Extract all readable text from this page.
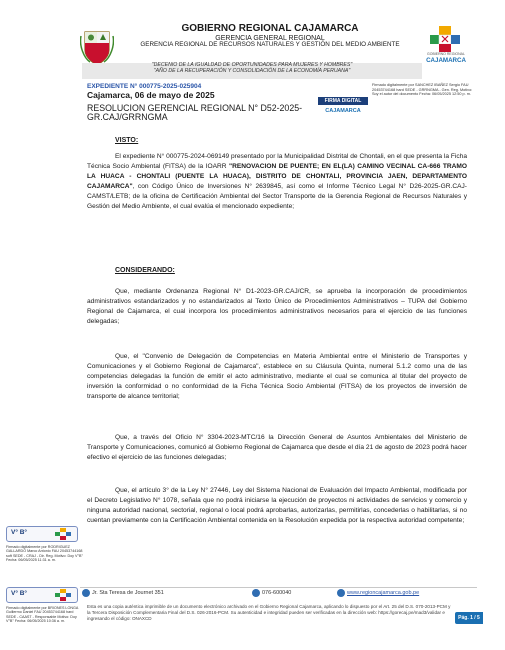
GOBIERNO REGIONAL CAJAMARCA
GERENCIA GENERAL REGIONAL
GERENCIA REGIONAL DE RECURSOS NATURALES Y GESTIÓN DEL MEDIO AMBIENTE
GOBIERNO REGIONAL
CAJAMARCA
"DECENIO DE LA IGUALDAD DE OPORTUNIDADES PARA MUJERES Y HOMBRES"
"AÑO DE LA RECUPERACIÓN Y CONSOLIDACIÓN DE LA ECONOMÍA PERUANA"
EXPEDIENTE N° 000775-2025-025904
Cajamarca, 06 de mayo de 2025
RESOLUCION GERENCIAL REGIONAL N° D52-2025-GR.CAJ/GRRNGMA
FIRMA DIGITAL
CAJAMARCA
Firmado digitalmente por SANCHEZ IBAÑEZ Sergio FAU 20453744168 hard SEDE - GRRNGMA - Gen. Reg. Motivo: Soy el autor del documento Fecha: 06/05/2025 12:50 p. m.
VISTO:
El expediente N° 000775-2024-069149 presentado por la Municipalidad Distrital de Chontali, en el que presenta la Ficha Técnica Socio Ambiental (FITSA) de la IOARR "RENOVACION DE PUENTE; EN EL(LA) CAMINO VECINAL CA-666 TRAMO LA HUACA - CHONTALI (PUENTE LA HUACA), DISTRITO DE CHONTALI, PROVINCIA JAEN, DEPARTAMENTO CAJAMARCA", con Código Único de Inversiones N° 2639845, así como el Informe Técnico Legal N° D26-2025-GR.CAJ-CAMST/LETB; de la oficina de Certificación Ambiental del Sector Transporte de la Gerencia Regional de Recursos Naturales y Gestión del Medio Ambiente, el cual evalúa el mencionado expediente;
CONSIDERANDO:
Que, mediante Ordenanza Regional N° D1-2023-GR.CAJ/CR, se aprueba la incorporación de procedimientos administrativos estandarizados y no estandarizados al Texto Único de Procedimientos Administrativos – TUPA del Gobierno Regional de Cajamarca, el cual incorpora los procedimientos administrativos necesarios para el ejercicio de las funciones delegadas;
Que, el "Convenio de Delegación de Competencias en Materia Ambiental entre el Ministerio de Transportes y Comunicaciones y el Gobierno Regional de Cajamarca", establece en su Cláusula Quinta, numeral 5.1.2 como una de las competencias delegadas la función de emitir el acto administrativo, mediante el cual se comunica al titular del proyecto de inversión la conformidad o no conformidad de la Ficha Técnica Socio Ambiental (FITSA) de los proyectos de inversión de transporte de alcance territorial;
Que, a través del Oficio N° 3304-2023-MTC/16 la Dirección General de Asuntos Ambientales del Ministerio de Transporte y Comunicaciones, comunicó al Gobierno Regional de Cajamarca que desde el día 21 de agosto de 2023 podrá hacer efectivo el ejercicio de las funciones delegadas;
Que, el artículo 3° de la Ley N° 27446, Ley del Sistema Nacional de Evaluación del Impacto Ambiental, modificada por el Decreto Legislativo N° 1078, señala que no podrá iniciarse la ejecución de proyectos ni actividades de servicios y comercio y ninguna autoridad nacional, sectorial, regional o local podrá aprobarlas, autorizarlas, permitirlas, concederlas o habilitarlas, si no cuentan previamente con la Certificación Ambiental contenida en la Resolución expedida por la respectiva autoridad competente;
V° B°
Firmado digitalmente por RODRIGUEZ GALLARDO Marco Antonio FAU 20453744168 soft SEDE - CRAJ - Dir. Reg. Motivo: Doy V°B° Fecha: 06/05/2025 11:31 a. m.
V° B°
Firmado digitalmente por BRIONES LONGA Guillermo Daniel FAU 20453744168 hard SEDE - CAAST - Responsable Motivo: Doy V°B° Fecha: 06/05/2025 10:36 a. m.
Jr. Sta Teresa de Journet 351	076-600040	www.regioncajamarca.gob.pe
Esta es una copia auténtica imprimible de un documento electrónico archivado en el Gobierno Regional Cajamarca, aplicando lo dispuesto por el Art. 25 del D.S. 070-2013-PCM y la Tercera Disposición Complementaria Final del D.S. 026-2016-PCM. Su autenticidad e integridad pueden ser verificadas en la dirección web: https://gorecaj.pe/mad3/validar e ingresando el código: ONAXCD	Pág. 1 / 5
